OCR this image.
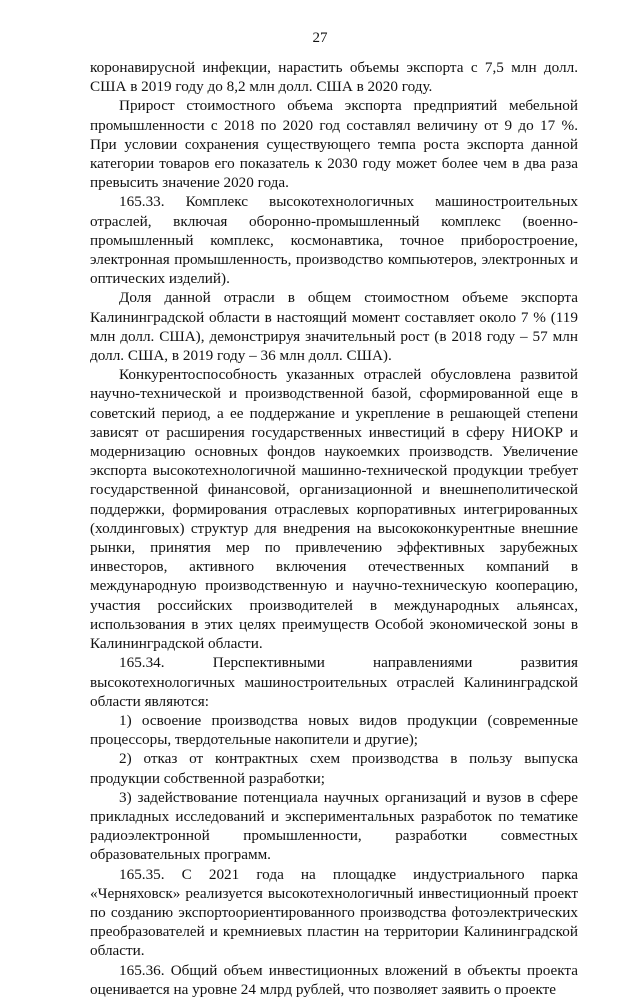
27

коронавирусной инфекции, нарастить объемы экспорта с 7,5 млн долл. США в 2019 году до 8,2 млн долл. США в 2020 году.

Прирост стоимостного объема экспорта предприятий мебельной промышленности с 2018 по 2020 год составлял величину от 9 до 17 %. При условии сохранения существующего темпа роста экспорта данной категории товаров его показатель к 2030 году может более чем в два раза превысить значение 2020 года.

165.33. Комплекс высокотехнологичных машиностроительных отраслей, включая оборонно-промышленный комплекс (военно-промышленный комплекс, космонавтика, точное приборостроение, электронная промышленность, производство компьютеров, электронных и оптических изделий).

Доля данной отрасли в общем стоимостном объеме экспорта Калининградской области в настоящий момент составляет около 7 % (119 млн долл. США), демонстрируя значительный рост (в 2018 году – 57 млн долл. США, в 2019 году – 36 млн долл. США).

Конкурентоспособность указанных отраслей обусловлена развитой научно-технической и производственной базой, сформированной еще в советский период, а ее поддержание и укрепление в решающей степени зависят от расширения государственных инвестиций в сферу НИОКР и модернизацию основных фондов наукоемких производств. Увеличение экспорта высокотехнологичной машинно-технической продукции требует государственной финансовой, организационной и внешнеполитической поддержки, формирования отраслевых корпоративных интегрированных (холдинговых) структур для внедрения на высококонкурентные внешние рынки, принятия мер по привлечению эффективных зарубежных инвесторов, активного включения отечественных компаний в международную производственную и научно-техническую кооперацию, участия российских производителей в международных альянсах, использования в этих целях преимуществ Особой экономической зоны в Калининградской области.

165.34. Перспективными направлениями развития высокотехнологичных машиностроительных отраслей Калининградской области являются:

1) освоение производства новых видов продукции (современные процессоры, твердотельные накопители и другие);

2) отказ от контрактных схем производства в пользу выпуска продукции собственной разработки;

3) задействование потенциала научных организаций и вузов в сфере прикладных исследований и экспериментальных разработок по тематике радиоэлектронной промышленности, разработки совместных образовательных программ.

165.35. С 2021 года на площадке индустриального парка «Черняховск» реализуется высокотехнологичный инвестиционный проект по созданию экспортоориентированного производства фотоэлектрических преобразователей и кремниевых пластин на территории Калининградской области.

165.36. Общий объем инвестиционных вложений в объекты проекта оценивается на уровне 24 млрд рублей, что позволяет заявить о проекте
